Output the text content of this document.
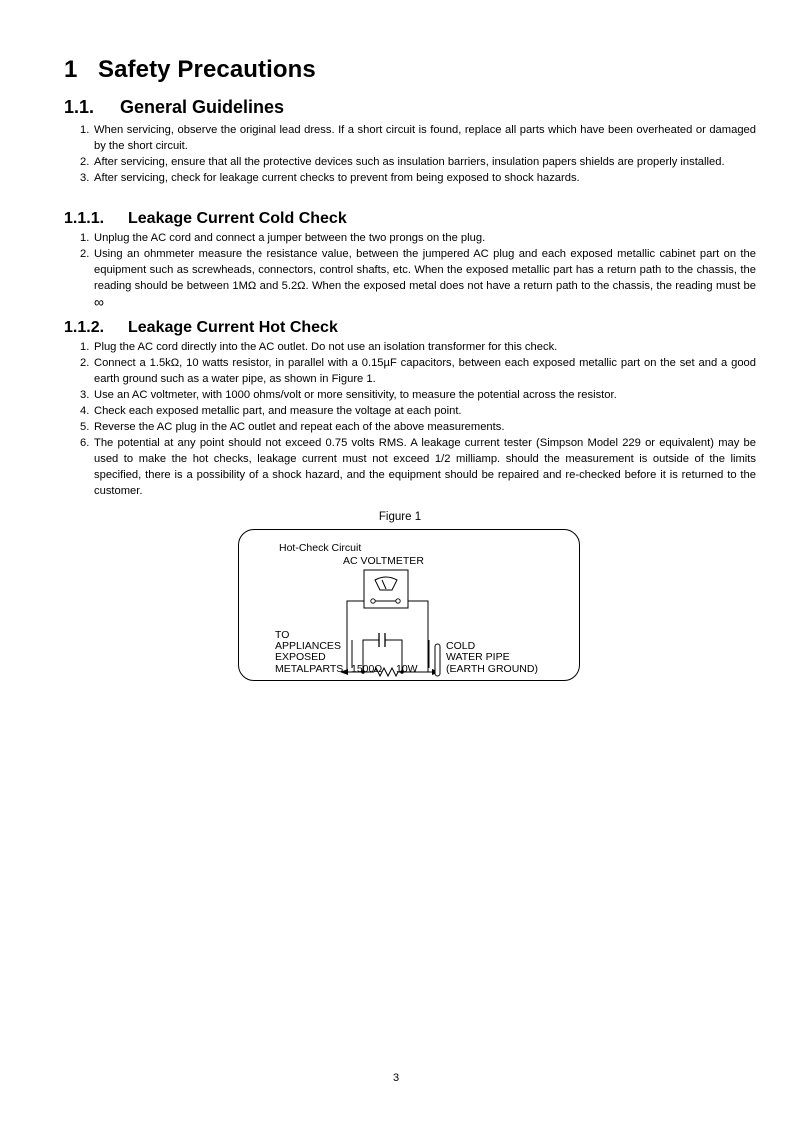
1 Safety Precautions
1.1. General Guidelines
1. When servicing, observe the original lead dress. If a short circuit is found, replace all parts which have been overheated or damaged by the short circuit.
2. After servicing, ensure that all the protective devices such as insulation barriers, insulation papers shields are properly installed.
3. After servicing, check for leakage current checks to prevent from being exposed to shock hazards.
1.1.1. Leakage Current Cold Check
1. Unplug the AC cord and connect a jumper between the two prongs on the plug.
2. Using an ohmmeter measure the resistance value, between the jumpered AC plug and each exposed metallic cabinet part on the equipment such as screwheads, connectors, control shafts, etc. When the exposed metallic part has a return path to the chassis, the reading should be between 1MΩ and 5.2Ω. When the exposed metal does not have a return path to the chassis, the reading must be ∞
1.1.2. Leakage Current Hot Check
1. Plug the AC cord directly into the AC outlet. Do not use an isolation transformer for this check.
2. Connect a 1.5kΩ, 10 watts resistor, in parallel with a 0.15µF capacitors, between each exposed metallic part on the set and a good earth ground such as a water pipe, as shown in Figure 1.
3. Use an AC voltmeter, with 1000 ohms/volt or more sensitivity, to measure the potential across the resistor.
4. Check each exposed metallic part, and measure the voltage at each point.
5. Reverse the AC plug in the AC outlet and repeat each of the above measurements.
6. The potential at any point should not exceed 0.75 volts RMS. A leakage current tester (Simpson Model 229 or equivalent) may be used to make the hot checks, leakage current must not exceed 1/2 milliamp. should the measurement is outside of the limits specified, there is a possibility of a shock hazard, and the equipment should be repaired and re-checked before it is returned to the customer.
Figure 1
Hot-Check Circuit
AC VOLTMETER
TO
APPLIANCES
EXPOSED
METALPARTS 1500Ω 10W
COLD
WATER PIPE
(EARTH GROUND)
3
